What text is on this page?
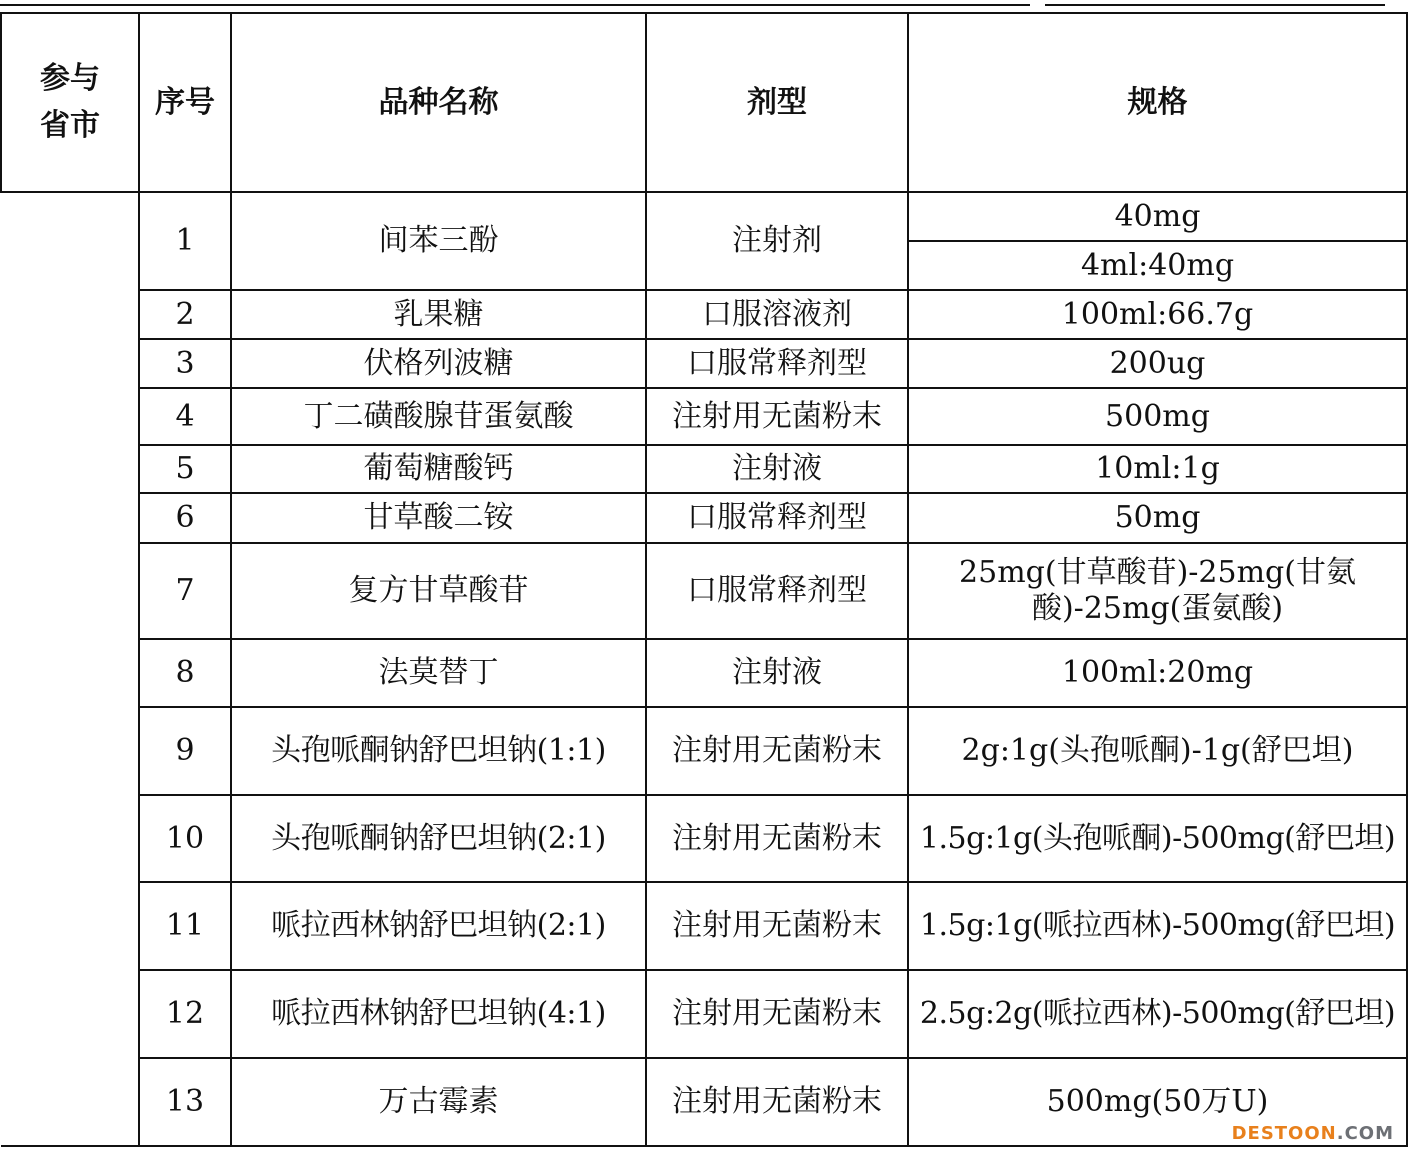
参与
省市	序号	品种名称	剂型	规格
	1	间苯三酚	注射剂	40mg
				4ml:40mg
	2	乳果糖	口服溶液剂	100ml:66.7g
	3	伏格列波糖	口服常释剂型	200ug
	4	丁二磺酸腺苷蛋氨酸	注射用无菌粉末	500mg
	5	葡萄糖酸钙	注射液	10ml:1g
	6	甘草酸二铵	口服常释剂型	50mg
	7	复方甘草酸苷	口服常释剂型	25mg(甘草酸苷)-25mg(甘氨酸)-25mg(蛋氨酸)
	8	法莫替丁	注射液	100ml:20mg
	9	头孢哌酮钠舒巴坦钠(1:1)	注射用无菌粉末	2g:1g(头孢哌酮)-1g(舒巴坦)
	10	头孢哌酮钠舒巴坦钠(2:1)	注射用无菌粉末	1.5g:1g(头孢哌酮)-500mg(舒巴坦)
	11	哌拉西林钠舒巴坦钠(2:1)	注射用无菌粉末	1.5g:1g(哌拉西林)-500mg(舒巴坦)
	12	哌拉西林钠舒巴坦钠(4:1)	注射用无菌粉末	2.5g:2g(哌拉西林)-500mg(舒巴坦)
	13	万古霉素	注射用无菌粉末	500mg(50万U)
DESTOON.COM
